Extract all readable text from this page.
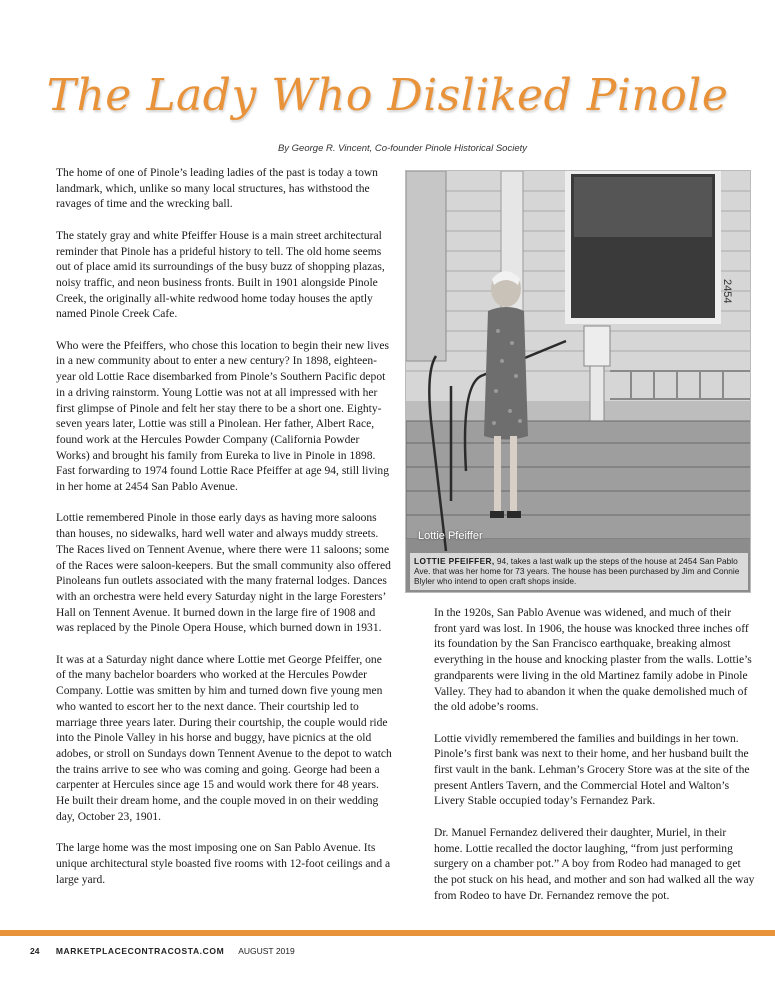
The Lady Who Disliked Pinole
By George R. Vincent, Co-founder Pinole Historical Society

The home of one of Pinole’s leading ladies of the past is today a town landmark, which, unlike so many local structures, has withstood the ravages of time and the wrecking ball.

The stately gray and white Pfeiffer House is a main street architectural reminder that Pinole has a prideful history to tell. The old home seems out of place amid its surroundings of the busy buzz of shopping plazas, noisy traffic, and neon business fronts. Built in 1901 alongside Pinole Creek, the originally all-white redwood home today houses the aptly named Pinole Creek Cafe.

Who were the Pfeiffers, who chose this location to begin their new lives in a new community about to enter a new century? In 1898, eighteen-year old Lottie Race disembarked from Pinole’s Southern Pacific depot in a driving rainstorm. Young Lottie was not at all impressed with her first glimpse of Pinole and felt her stay there to be a short one. Eighty-seven years later, Lottie was still a Pinolean. Her father, Albert Race, found work at the Hercules Powder Company (California Powder Works) and brought his family from Eureka to live in Pinole in 1898. Fast forwarding to 1974 found Lottie Race Pfeiffer at age 94, still living in her home at 2454 San Pablo Avenue.

Lottie remembered Pinole in those early days as having more saloons than houses, no sidewalks, hard well water and always muddy streets. The Races lived on Tennent Avenue, where there were 11 saloons; some of the Races were saloon-keepers. But the small community also offered Pinoleans fun outlets associated with the many fraternal lodges. Dances with an orchestra were held every Saturday night in the large Foresters’ Hall on Tennent Avenue. It burned down in the large fire of 1908 and was replaced by the Pinole Opera House, which burned down in 1931.

It was at a Saturday night dance where Lottie met George Pfeiffer, one of the many bachelor boarders who worked at the Hercules Powder Company. Lottie was smitten by him and turned down five young men who wanted to escort her to the next dance. Their courtship led to marriage three years later. During their courtship, the couple would ride into the Pinole Valley in his horse and buggy, have picnics at the old adobes, or stroll on Sundays down Tennent Avenue to the depot to watch the trains arrive to see who was coming and going. George had been a carpenter at Hercules since age 15 and would work there for 48 years. He built their dream home, and the couple moved in on their wedding day, October 23, 1901.

The large home was the most imposing one on San Pablo Avenue. Its unique architectural style boasted five rooms with 12-foot ceilings and a large yard.

2454
Lottie Pfeiffer
LOTTIE PFEIFFER, 94, takes a last walk up the steps of the house at 2454 San Pablo Ave. that was her home for 73 years. The house has been purchased by Jim and Connie Blyler who intend to open craft shops inside.

In the 1920s, San Pablo Avenue was widened, and much of their front yard was lost. In 1906, the house was knocked three inches off its foundation by the San Francisco earthquake, breaking almost everything in the house and knocking plaster from the walls. Lottie’s grandparents were living in the old Martinez family adobe in Pinole Valley. They had to abandon it when the quake demolished much of the old adobe’s rooms.

Lottie vividly remembered the families and buildings in her town. Pinole’s first bank was next to their home, and her husband built the first vault in the bank. Lehman’s Grocery Store was at the site of the present Antlers Tavern, and the Commercial Hotel and Walton’s Livery Stable occupied today’s Fernandez Park.

Dr. Manuel Fernandez delivered their daughter, Muriel, in their home. Lottie recalled the doctor laughing, “from just performing surgery on a chamber pot.” A boy from Rodeo had managed to get the pot stuck on his head, and mother and son had walked all the way from Rodeo to have Dr. Fernandez remove the pot.

24 MARKETPLACECONTRACOSTA.COM AUGUST 2019
